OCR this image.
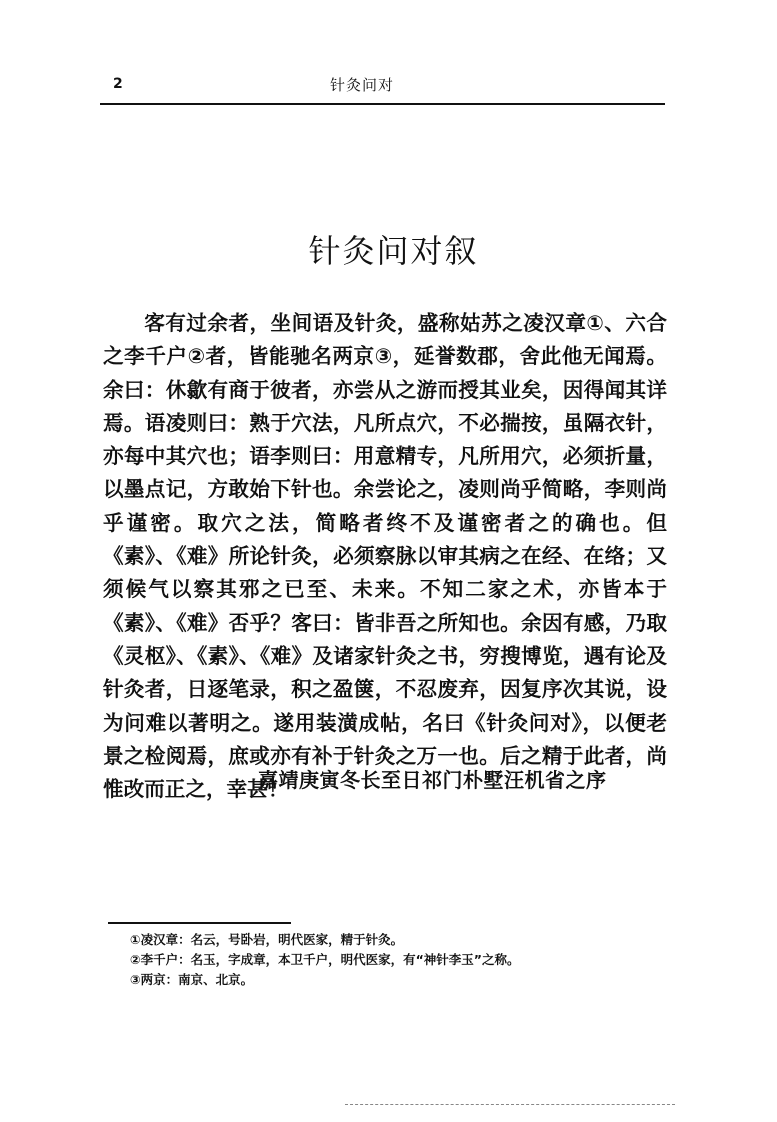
2	针灸问对
针灸问对叙

客有过余者，坐间语及针灸，盛称姑苏之凌汉章①、六合之李千户②者，皆能驰名两京③，延誉数郡，舍此他无闻焉。余曰：休歙有商于彼者，亦尝从之游而授其业矣，因得闻其详焉。语凌则曰：熟于穴法，凡所点穴，不必揣按，虽隔衣针，亦每中其穴也；语李则曰：用意精专，凡所用穴，必须折量，以墨点记，方敢始下针也。余尝论之，凌则尚乎简略，李则尚乎谨密。取穴之法，简略者终不及谨密者之的确也。但《素》、《难》所论针灸，必须察脉以审其病之在经、在络；又须候气以察其邪之已至、未来。不知二家之术，亦皆本于《素》、《难》否乎？客曰：皆非吾之所知也。余因有感，乃取《灵枢》、《素》、《难》及诸家针灸之书，穷搜博览，遇有论及针灸者，日逐笔录，积之盈箧，不忍废弃，因复序次其说，设为问难以著明之。遂用装潢成帖，名曰《针灸问对》，以便老景之检阅焉，庶或亦有补于针灸之万一也。后之精于此者，尚惟改而正之，幸甚！

嘉靖庚寅冬长至日祁门朴墅汪机省之序
①凌汉章：名云，号卧岩，明代医家，精于针灸。
②李千户：名玉，字成章，本卫千户，明代医家，有“神针李玉”之称。
③两京：南京、北京。
